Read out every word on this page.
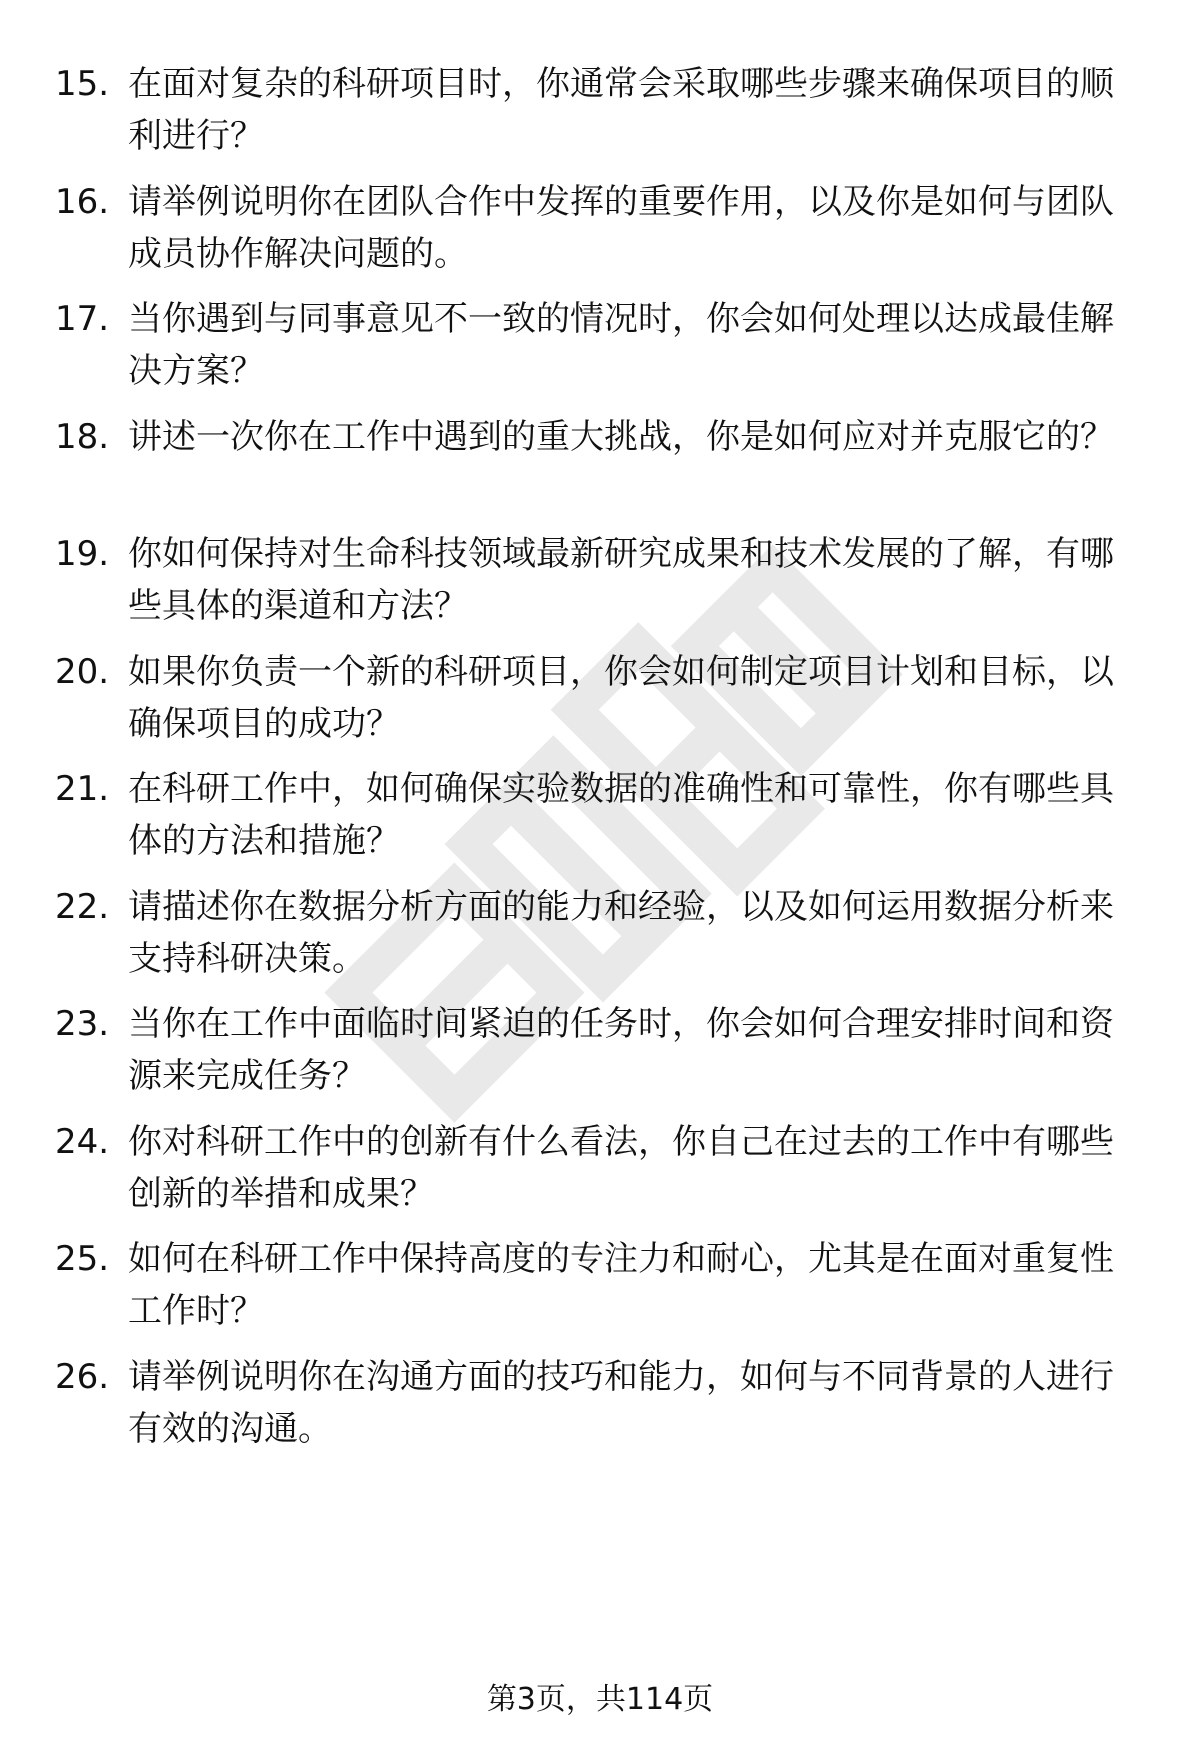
15. 在面对复杂的科研项目时，你通常会采取哪些步骤来确保项目的顺利进行？
16. 请举例说明你在团队合作中发挥的重要作用，以及你是如何与团队成员协作解决问题的。
17. 当你遇到与同事意见不一致的情况时，你会如何处理以达成最佳解决方案？
18. 讲述一次你在工作中遇到的重大挑战，你是如何应对并克服它的？
19. 你如何保持对生命科技领域最新研究成果和技术发展的了解，有哪些具体的渠道和方法？
20. 如果你负责一个新的科研项目，你会如何制定项目计划和目标，以确保项目的成功？
21. 在科研工作中，如何确保实验数据的准确性和可靠性，你有哪些具体的方法和措施？
22. 请描述你在数据分析方面的能力和经验，以及如何运用数据分析来支持科研决策。
23. 当你在工作中面临时间紧迫的任务时，你会如何合理安排时间和资源来完成任务？
24. 你对科研工作中的创新有什么看法，你自己在过去的工作中有哪些创新的举措和成果？
25. 如何在科研工作中保持高度的专注力和耐心，尤其是在面对重复性工作时？
26. 请举例说明你在沟通方面的技巧和能力，如何与不同背景的人进行有效的沟通。
第3页，共114页
